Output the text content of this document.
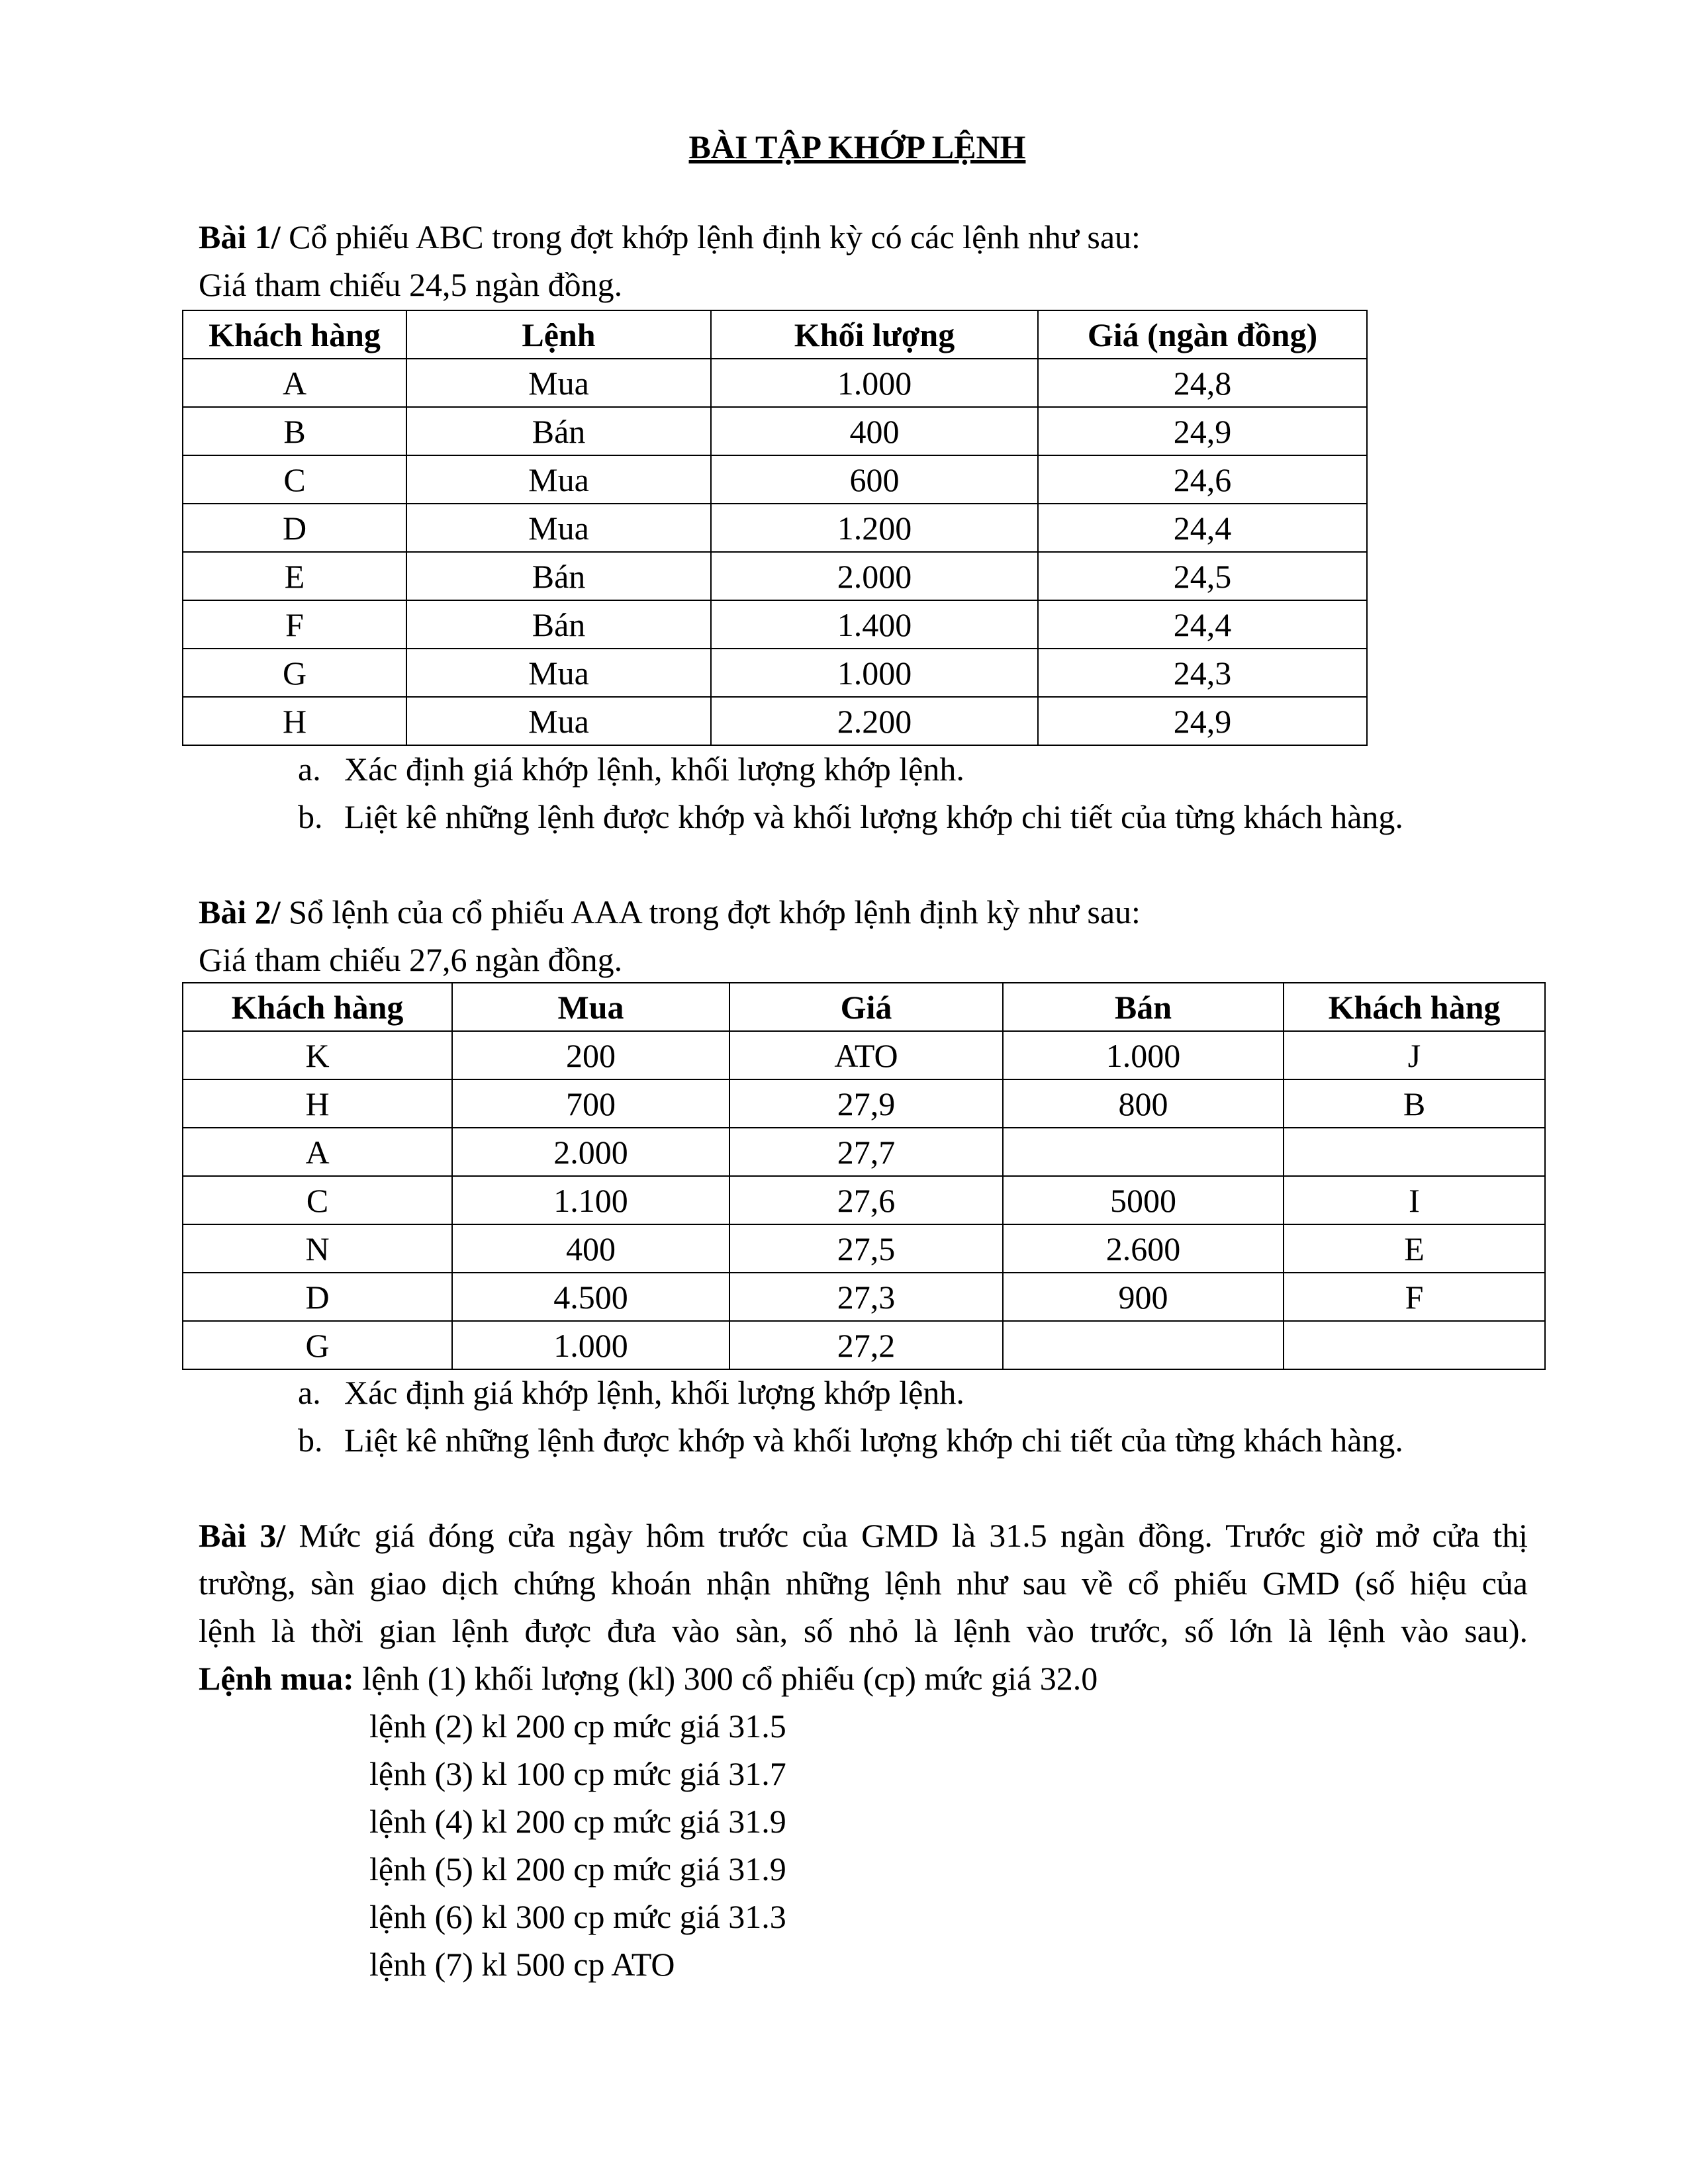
BÀI TẬP KHỚP LỆNH
Bài 1/ Cổ phiếu ABC trong đợt khớp lệnh định kỳ có các lệnh như sau:
Giá tham chiếu 24,5 ngàn đồng.
Khách hàng	Lệnh	Khối lượng	Giá (ngàn đồng)
A	Mua	1.000	24,8
B	Bán	400	24,9
C	Mua	600	24,6
D	Mua	1.200	24,4
E	Bán	2.000	24,5
F	Bán	1.400	24,4
G	Mua	1.000	24,3
H	Mua	2.200	24,9
a. Xác định giá khớp lệnh, khối lượng khớp lệnh.
b. Liệt kê những lệnh được khớp và khối lượng khớp chi tiết của từng khách hàng.
Bài 2/ Sổ lệnh của cổ phiếu AAA trong đợt khớp lệnh định kỳ như sau:
Giá tham chiếu 27,6 ngàn đồng.
Khách hàng	Mua	Giá	Bán	Khách hàng
K	200	ATO	1.000	J
H	700	27,9	800	B
A	2.000	27,7		
C	1.100	27,6	5000	I
N	400	27,5	2.600	E
D	4.500	27,3	900	F
G	1.000	27,2		
a. Xác định giá khớp lệnh, khối lượng khớp lệnh.
b. Liệt kê những lệnh được khớp và khối lượng khớp chi tiết của từng khách hàng.
Bài 3/ Mức giá đóng cửa ngày hôm trước của GMD là 31.5 ngàn đồng. Trước giờ mở cửa thị
trường, sàn giao dịch chứng khoán nhận những lệnh như sau về cổ phiếu GMD (số hiệu của
lệnh là thời gian lệnh được đưa vào sàn, số nhỏ là lệnh vào trước, số lớn là lệnh vào sau).
Lệnh mua: lệnh (1) khối lượng (kl) 300 cổ phiếu (cp) mức giá 32.0
lệnh (2) kl 200 cp mức giá 31.5
lệnh (3) kl 100 cp mức giá 31.7
lệnh (4) kl 200 cp mức giá 31.9
lệnh (5) kl 200 cp mức giá 31.9
lệnh (6) kl 300 cp mức giá 31.3
lệnh (7) kl 500 cp ATO
